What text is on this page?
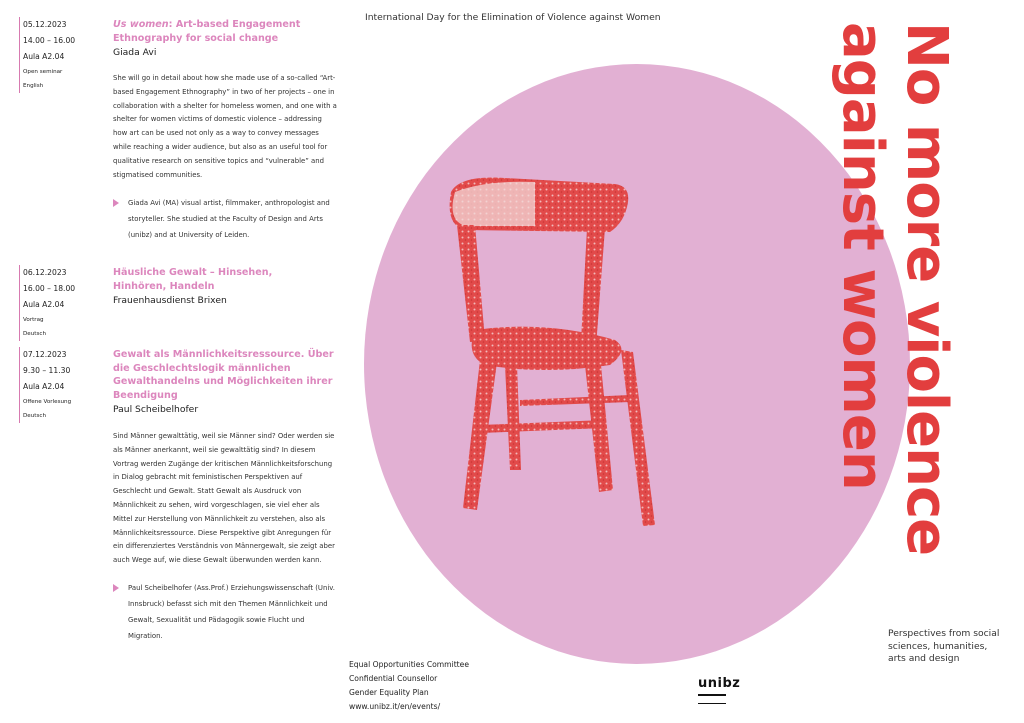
International Day for the Elimination of Violence against Women
05.12.2023
14.00 – 16.00
Aula A2.04
Open seminar
English

Us women: Art-based Engagement Ethnography for social change

Giada Avi

She will go in detail about how she made use of a so-called “Art-based Engagement Ethnography” in two of her projects – one in collaboration with a shelter for homeless women, and one with a shelter for women victims of domestic violence – addressing how art can be used not only as a way to convey messages while reaching a wider audience, but also as an useful tool for qualitative research on sensitive topics and “vulnerable” and stigmatised communities.

Giada Avi (MA) visual artist, filmmaker, anthropologist and storyteller. She studied at the Faculty of Design and Arts (unibz) and at University of Leiden.
06.12.2023
16.00 – 18.00
Aula A2.04
Vortrag
Deutsch

Häusliche Gewalt – Hinsehen, Hinhören, Handeln

Frauenhausdienst Brixen

07.12.2023
9.30 – 11.30
Aula A2.04
Offene Vorlesung
Deutsch

Gewalt als Männlichkeitsressource. Über die Geschlechtslogik männlichen Gewalthandelns und Möglichkeiten ihrer Beendigung

Paul Scheibelhofer

Sind Männer gewalttätig, weil sie Männer sind? Oder werden sie als Männer anerkannt, weil sie gewalttätig sind? In diesem Vortrag werden Zugänge der kritischen Männlichkeitsforschung in Dialog gebracht mit feministischen Perspektiven auf Geschlecht und Gewalt. Statt Gewalt als Ausdruck von Männlichkeit zu sehen, wird vorgeschlagen, sie viel eher als Mittel zur Herstellung von Männlichkeit zu verstehen, also als Männlichkeitsressource. Diese Perspektive gibt Anregungen für ein differenziertes Verständnis von Männergewalt, sie zeigt aber auch Wege auf, wie diese Gewalt überwunden werden kann.

Paul Scheibelhofer (Ass.Prof.) Erziehungswissenschaft (Univ. Innsbruck) befasst sich mit den Themen Männlichkeit und Gewalt, Sexualität und Pädagogik sowie Flucht und Migration.
No more violence
against women
Perspectives from social sciences, humanities, arts and design
Equal Opportunities Committee
Confidential Counsellor
Gender Equality Plan
www.unibz.it/en/events/
unibz
